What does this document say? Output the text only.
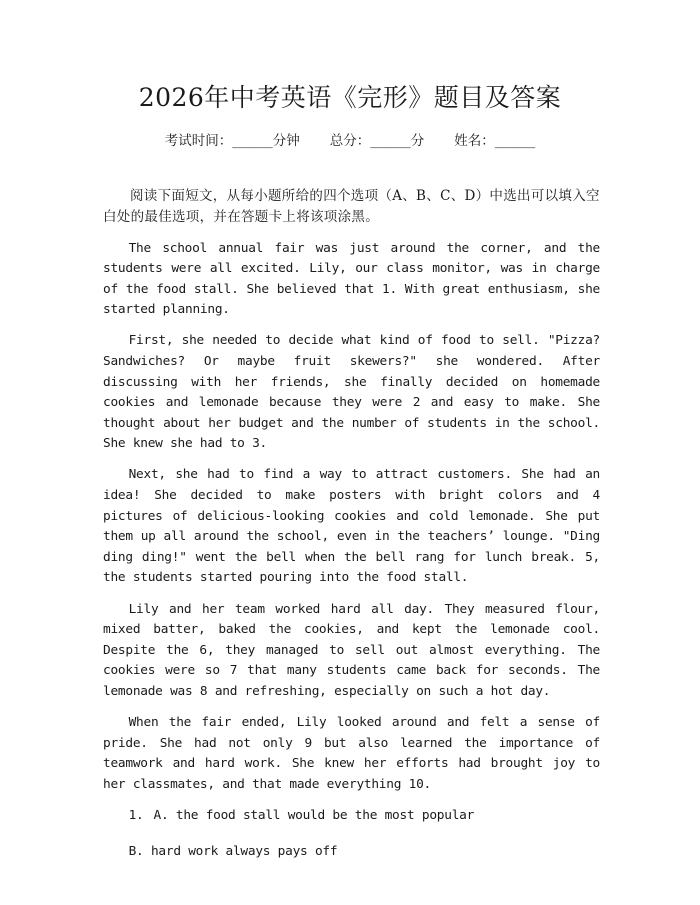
2026年中考英语《完形》题目及答案
考试时间：______分钟 总分：______分 姓名：______

阅读下面短文，从每小题所给的四个选项（A、B、C、D）中选出可以填入空白处的最佳选项，并在答题卡上将该项涂黑。

The school annual fair was just around the corner, and the students were all excited. Lily, our class monitor, was in charge of the food stall. She believed that 1. With great enthusiasm, she started planning.

First, she needed to decide what kind of food to sell. "Pizza? Sandwiches? Or maybe fruit skewers?" she wondered. After discussing with her friends, she finally decided on homemade cookies and lemonade because they were 2 and easy to make. She thought about her budget and the number of students in the school. She knew she had to 3.

Next, she had to find a way to attract customers. She had an idea! She decided to make posters with bright colors and 4 pictures of delicious-looking cookies and cold lemonade. She put them up all around the school, even in the teachers’ lounge. "Ding ding ding!" went the bell when the bell rang for lunch break. 5, the students started pouring into the food stall.

Lily and her team worked hard all day. They measured flour, mixed batter, baked the cookies, and kept the lemonade cool. Despite the 6, they managed to sell out almost everything. The cookies were so 7 that many students came back for seconds. The lemonade was 8 and refreshing, especially on such a hot day.

When the fair ended, Lily looked around and felt a sense of pride. She had not only 9 but also learned the importance of teamwork and hard work. She knew her efforts had brought joy to her classmates, and that made everything 10.

1. A. the food stall would be the most popular

B. hard work always pays off
